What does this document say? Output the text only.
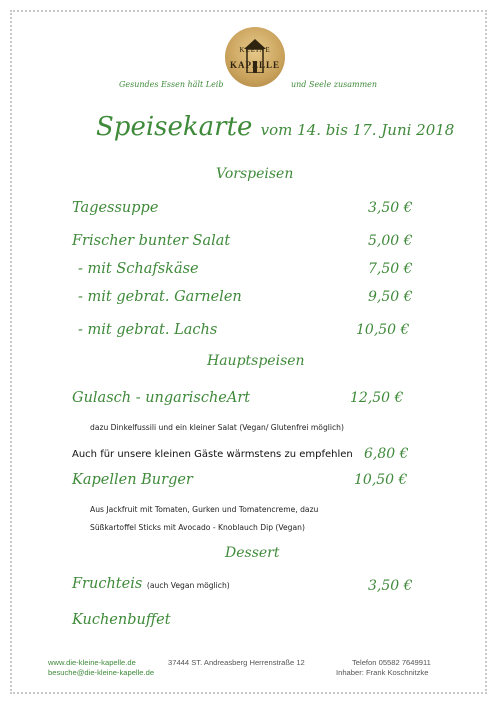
KLEINE
KAPELLE
Gesundes Essen hält Leib	und Seele zusammen
Speisekarte vom 14. bis 17. Juni 2018
Vorspeisen
Tagessuppe	3,50 €
Frischer bunter Salat	5,00 €
- mit Schafskäse	7,50 €
- mit gebrat. Garnelen	9,50 €
- mit gebrat. Lachs	10,50 €
Hauptspeisen
Gulasch - ungarischeArt	12,50 €
dazu Dinkelfussili und ein kleiner Salat (Vegan/ Glutenfrei möglich)
Auch für unsere kleinen Gäste wärmstens zu empfehlen 6,80 €
Kapellen Burger	10,50 €
Aus Jackfruit mit Tomaten, Gurken und Tomatencreme, dazu
Süßkartoffel Sticks mit Avocado - Knoblauch Dip (Vegan)
Dessert
Fruchteis (auch Vegan möglich)	3,50 €
Kuchenbuffet
www.die-kleine-kapelle.de	37444 ST. Andreasberg Herrenstraße 12	Telefon 05582 7649911
besuche@die-kleine-kapelle.de	Inhaber: Frank Koschnitzke
